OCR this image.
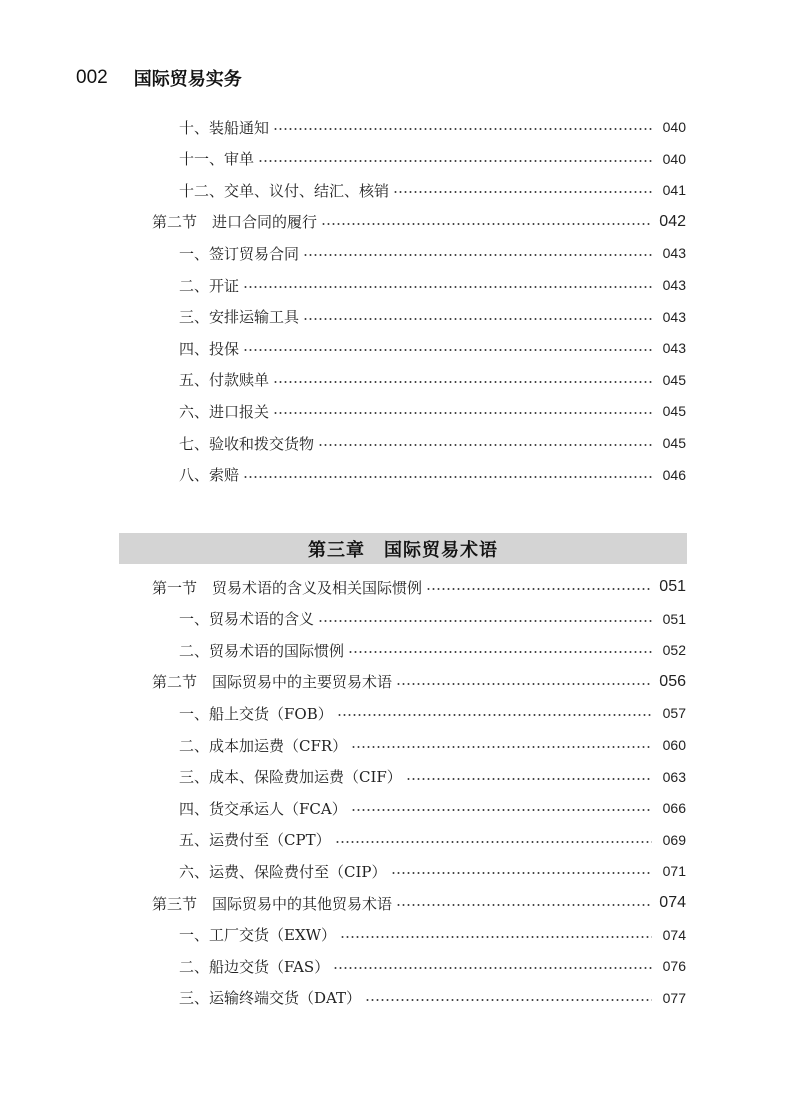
002 国际贸易实务
十、装船通知	040
十一、审单	040
十二、交单、议付、结汇、核销	041
第二节　进口合同的履行	042
一、签订贸易合同	043
二、开证	043
三、安排运输工具	043
四、投保	043
五、付款赎单	045
六、进口报关	045
七、验收和拨交货物	045
八、索赔	046
第三章　国际贸易术语
第一节　贸易术语的含义及相关国际惯例	051
一、贸易术语的含义	051
二、贸易术语的国际惯例	052
第二节　国际贸易中的主要贸易术语	056
一、船上交货（FOB）	057
二、成本加运费（CFR）	060
三、成本、保险费加运费（CIF）	063
四、货交承运人（FCA）	066
五、运费付至（CPT）	069
六、运费、保险费付至（CIP）	071
第三节　国际贸易中的其他贸易术语	074
一、工厂交货（EXW）	074
二、船边交货（FAS）	076
三、运输终端交货（DAT）	077
